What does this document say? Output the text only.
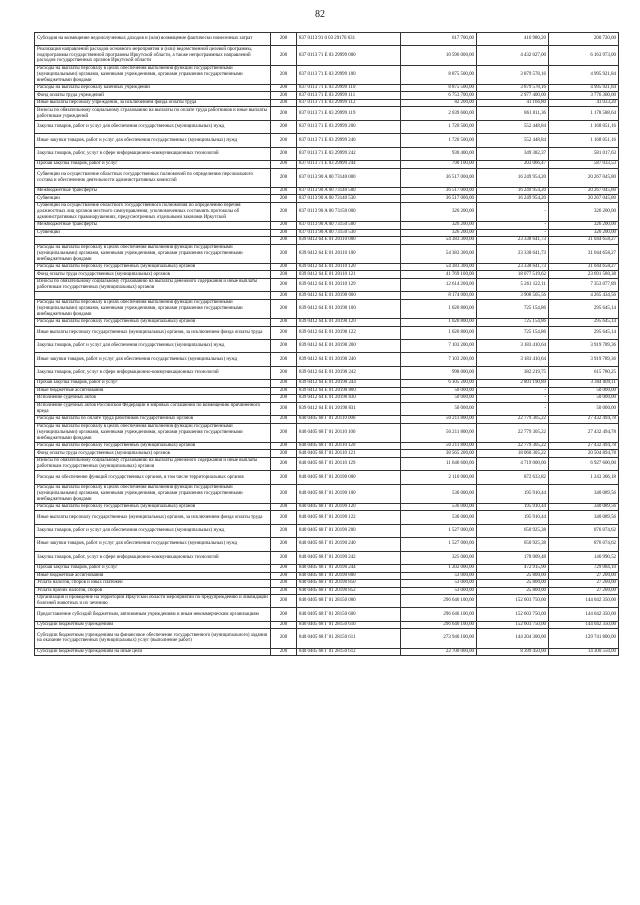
82
Субсидия на возмещение недополученных доходов и (или) возмещение фактически понесенных затрат	200	837 0113 91 0 03 29170 631	617 700,00	416 980,20	200 720,00
Реализация направлений расходов основного мероприятия и (или) ведомственной целевой программы, подпрограммы государственной программы Иркутской области, а также непрограммных направлений расходов государственных органов Иркутской области	200	837 0113 71 E 03 29999 000	10 596 000,00	4 432 027,00	6 163 973,00
Расходы на выплаты персоналу в целях обеспечения выполнения функций государственными (муниципальными) органами, казенными учреждениями, органами управления государственными внебюджетными фондами	200	837 0113 71 E 03 29999 100	8 875 500,00	3 879 578,16	4 995 921,84
Расходы на выплаты персоналу казенных учреждений	200	837 0113 71 E 03 29999 110	8 875 500,00	3 879 578,16	4 995 921,84
Фонд оплаты труда учреждений	200	837 0113 71 E 03 29999 111	6 753 700,00	2 977 400,00	3 776 300,00
Иные выплаты персоналу учреждений, за исключением фонда оплаты труда	200	837 0113 71 E 03 29999 112	82 200,00	41 166,80	41 033,20
Взносы по обязательному социальному страхованию на выплаты по оплате труда работников и иные выплаты работникам учреждений	200	837 0113 71 E 03 29999 119	2 039 600,00	861 011,36	1 178 588,64
Закупка товаров, работ и услуг для обеспечения государственных (муниципальных) нужд	200	837 0113 71 E 03 29999 200	1 720 500,00	552 448,84	1 168 051,16
Иные закупки товаров, работ и услуг для обеспечения государственных (муниципальных) нужд	200	837 0113 71 E 03 29999 240	1 720 500,00	552 448,84	1 168 051,16
Закупка товаров, работ, услуг в сфере информационно-коммуникационных технологий	200	837 0113 71 E 03 29999 242	930 400,00	349 382,37	581 017,63
Прочая закупка товаров, работ и услуг	200	837 0113 71 E 03 29999 244	790 100,00	203 066,47	587 033,53
Субвенции на осуществление областных государственных полномочий по определению персонального состава и обеспечению деятельности административных комиссий	200	837 0113 90 A 00 73140 000	36 517 000,00	16 249 954,20	20 267 045,80
Межбюджетные трансферты	200	837 0113 90 A 00 73140 500	36 517 000,00	16 249 954,20	20 267 045,80
Субвенции	200	837 0113 90 A 00 73140 530	36 517 000,00	16 249 954,20	20 267 045,80
Субвенции на осуществление областного государственного полномочия по определению перечня должностных лиц органов местного самоуправления, уполномоченных составлять протоколы об административных правонарушениях, предусмотренных отдельными законами Иркутской	200	837 0113 90 A 00 73150 000	326 200,00	-	326 200,00
Межбюджетные трансферты	200	837 0113 90 A 00 73150 500	326 200,00	-	326 200,00
Субвенции	200	837 0113 90 A 00 73150 530	326 200,00	-	326 200,00
	200	839 0412 64 E 01 20110 000	54 383 300,00	23 338 641,73	31 044 658,27
Расходы на выплаты персоналу в целях обеспечения выполнения функций государственными (муниципальными) органами, казенными учреждениями, органами управления государственными внебюджетными фондами	200	839 0412 64 E 01 20110 100	54 383 300,00	23 338 641,73	31 044 658,27
Расходы на выплаты персоналу государственных (муниципальных) органов	200	839 0412 64 E 01 20110 120	54 383 300,00	23 338 641,73	31 044 658,27
Фонд оплаты труда государственных (муниципальных) органов	200	839 0412 64 E 01 20110 121	41 769 100,00	18 077 519,62	23 691 580,38
Взносы по обязательному социальному страхованию на выплаты денежного содержания и иные выплаты работникам государственных (муниципальных) органов	200	839 0412 64 E 01 20110 129	12 614 200,00	5 261 122,11	7 353 077,89
	200	839 0412 64 E 01 20190 000	8 174 000,00	3 908 565,56	4 265 434,56
Расходы на выплаты персоналу в целях обеспечения выполнения функций государственными (муниципальными) органами, казенными учреждениями, органами управления государственными внебюджетными фондами	200	839 0412 64 E 01 20190 100	1 020 800,00	725 154,86	295 645,14
Расходы на выплаты персоналу государственных (муниципальных) органов	200	839 0412 64 E 01 20190 120	1 020 800,00	725 154,86	295 645,14
Иные выплаты персоналу государственных (муниципальных) органов, за исключением фонда оплаты труда	200	839 0412 64 E 01 20190 122	1 020 800,00	725 154,86	295 645,14
Закупка товаров, работ и услуг для обеспечения государственных (муниципальных) нужд	200	839 0412 64 E 01 20190 200	7 103 200,00	3 183 410,64	3 919 789,36
Иные закупки товаров, работ и услуг для обеспечения государственных (муниципальных) нужд	200	839 0412 64 E 01 20190 240	7 103 200,00	3 183 410,64	3 919 789,36
Закупка товаров, работ, услуг в сфере информационно-коммуникационных технологий	200	839 0412 64 E 01 20190 242	998 000,00	382 219,75	615 780,25
Прочая закупка товаров, работ и услуг	200	839 0412 64 E 01 20190 244	6 105 200,00	2 801 190,89	3 304 009,11
Иные бюджетные ассигнования	200	839 0412 64 E 01 20190 800	50 000,00	-	50 000,00
Исполнение судебных актов	200	839 0412 64 E 01 20190 830	50 000,00	-	50 000,00
Исполнение судебных актов Российской Федерации и мировых соглашений по возмещению причиненного вреда	200	839 0412 64 E 01 20190 831	50 000,00	-	50 000,00
Расходы на выплаты по оплате труда работников государственных органов	200	840 0405 68 Г 01 20110 000	50 211 800,00	22 779 305,22	27 432 494,78
Расходы на выплаты персоналу в целях обеспечения выполнения функций государственными (муниципальными) органами, казенными учреждениями, органами управления государственными внебюджетными фондами	200	840 0405 68 Г 01 20110 100	50 211 800,00	22 779 305,22	27 432 494,78
Расходы на выплаты персоналу государственных (муниципальных) органов	200	840 0405 68 Г 01 20110 120	50 211 800,00	22 779 305,22	27 432 494,78
Фонд оплаты труда государственных (муниципальных) органов	200	840 0405 68 Г 01 20110 121	38 565 200,00	18 060 305,22	20 504 894,78
Взносы по обязательному социальному страхованию на выплаты денежного содержания и иные выплаты работникам государственных (муниципальных) органов	200	840 0405 68 Г 01 20110 129	11 646 600,00	4 719 000,00	6 927 600,00
Расходы на обеспечение функций государственных органов, в том числе территориальных органов	200	840 0405 68 Г 01 20190 000	2 116 000,00	872 633,82	1 243 366,18
Расходы на выплаты персоналу в целях обеспечения выполнения функций государственными (муниципальными) органами, казенными учреждениями, органами управления государственными внебюджетными фондами	200	840 0405 68 Г 01 20190 100	536 000,00	195 910,44	340 089,56
Расходы на выплаты персоналу государственных (муниципальных) органов	200	840 0405 68 Г 01 20190 120	536 000,00	195 910,44	340 089,56
Иные выплаты персоналу государственных (муниципальных) органов, за исключением фонда оплаты труда	200	840 0405 68 Г 01 20190 122	536 000,00	195 910,44	340 089,56
Закупка товаров, работ и услуг для обеспечения государственных (муниципальных) нужд	200	840 0405 68 Г 01 20190 200	1 527 000,00	650 925,38	876 074,62
Иные закупки товаров, работ и услуг для обеспечения государственных (муниципальных) нужд	200	840 0405 68 Г 01 20190 240	1 527 000,00	650 925,38	876 074,62
Закупка товаров, работ, услуг в сфере информационно-коммуникационных технологий	200	840 0405 68 Г 01 20190 242	325 000,00	178 009,48	146 990,52
Прочая закупка товаров, работ и услуг	200	840 0405 68 Г 01 20190 244	1 202 000,00	472 915,90	729 084,10
Иные бюджетные ассигнования	200	840 0405 68 Г 01 20190 800	53 000,00	25 800,00	27 200,00
Уплата налогов, сборов и иных платежей	200	840 0405 68 Г 01 20190 850	53 000,00	25 800,00	27 200,00
Уплата прочих налогов, сборов	200	840 0405 68 Г 01 20190 852	53 000,00	25 800,00	27 200,00
Организация и проведение на территории Иркутской области мероприятий по предупреждению и ликвидации болезней животных и их лечению	200	840 0405 68 Г 01 28150 000	296 646 100,00	152 603 750,00	144 042 350,00
Предоставление субсидий бюджетным, автономным учреждениям и иным некоммерческим организациям	200	840 0405 68 Г 01 28150 600	296 646 100,00	152 603 750,00	144 042 350,00
Субсидии бюджетным учреждениям	200	840 0405 68 Г 01 28150 610	296 646 100,00	152 603 750,00	144 042 350,00
Субсидии бюджетным учреждениям на финансовое обеспечение государственного (муниципального) задания на оказание государственных (муниципальных) услуг (выполнение работ)	200	840 0405 68 Г 01 28150 611	273 946 100,00	144 204 300,00	129 741 800,00
Субсидии бюджетным учреждениям на иные цели	200	840 0405 68 Г 01 28150 612	22 700 000,00	8 399 450,00	14 300 550,00
